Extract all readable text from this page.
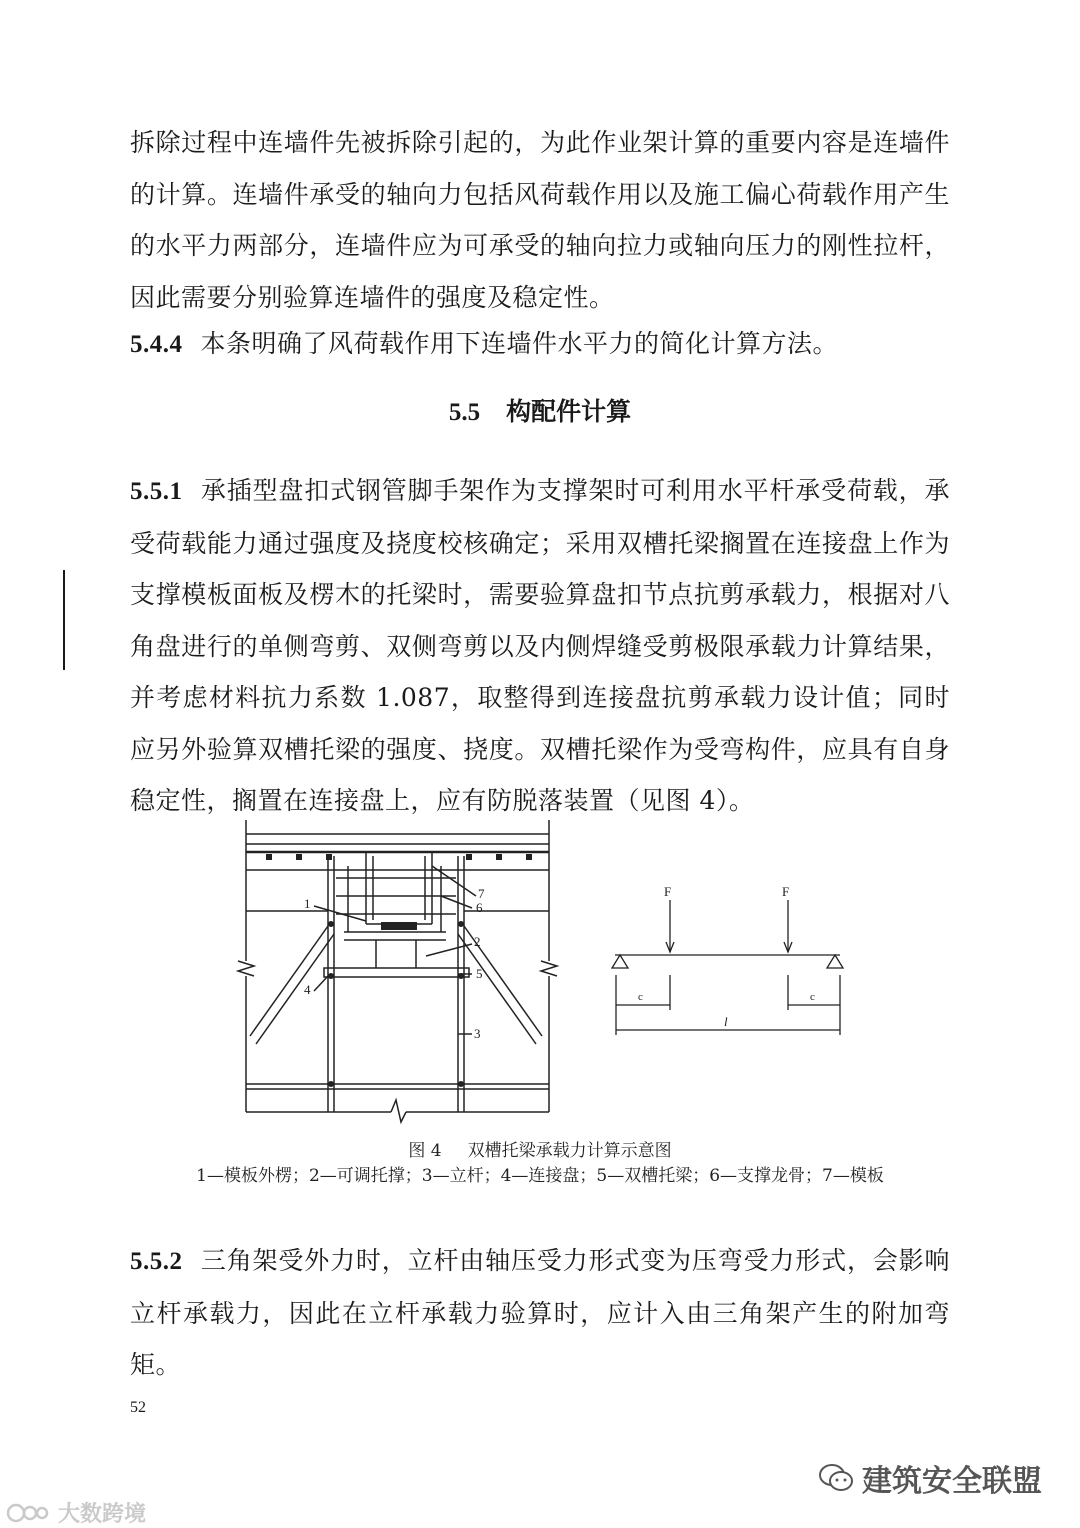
拆除过程中连墙件先被拆除引起的，为此作业架计算的重要内容是连墙件的计算。连墙件承受的轴向力包括风荷载作用以及施工偏心荷载作用产生的水平力两部分，连墙件应为可承受的轴向拉力或轴向压力的刚性拉杆，因此需要分别验算连墙件的强度及稳定性。

5.4.4 本条明确了风荷载作用下连墙件水平力的简化计算方法。

5.5 构配件计算

5.5.1 承插型盘扣式钢管脚手架作为支撑架时可利用水平杆承受荷载，承受荷载能力通过强度及挠度校核确定；采用双槽托梁搁置在连接盘上作为支撑模板面板及楞木的托梁时，需要验算盘扣节点抗剪承载力，根据对八角盘进行的单侧弯剪、双侧弯剪以及内侧焊缝受剪极限承载力计算结果，并考虑材料抗力系数 1.087，取整得到连接盘抗剪承载力设计值；同时应另外验算双槽托梁的强度、挠度。双槽托梁作为受弯构件，应具有自身稳定性，搁置在连接盘上，应有防脱落装置（见图 4）。

1
2
3
4
5
6
7	F	F
c	c
l
图 4 双槽托梁承载力计算示意图
1—模板外楞；2—可调托撑；3—立杆；4—连接盘；5—双槽托梁；6—支撑龙骨；7—模板

5.5.2 三角架受外力时，立杆由轴压受力形式变为压弯受力形式，会影响立杆承载力，因此在立杆承载力验算时，应计入由三角架产生的附加弯矩。

52
建筑安全联盟
大数跨境
